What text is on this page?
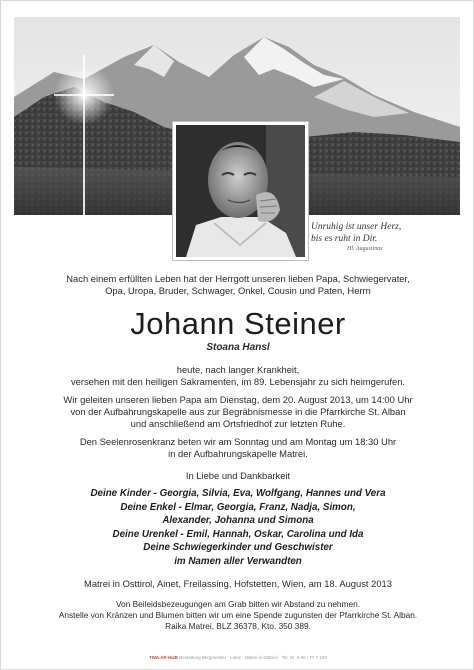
Unruhig ist unser Herz,
bis es ruht in Dir.
Hl. Augustinus

Nach einem erfüllten Leben hat der Herrgott unseren lieben Papa, Schwiegervater,

Opa, Uropa, Bruder, Schwager, Onkel, Cousin und Paten, Herrn

Johann Steiner

Stoana Hansl

heute, nach langer Krankheit,

versehen mit den heiligen Sakramenten, im 89. Lebensjahr zu sich heimgerufen.

Wir geleiten unseren lieben Papa am Dienstag, dem 20. August 2013, um 14:00 Uhr

von der Aufbahrungskapelle aus zur Begräbnismesse in die Pfarrkirche St. Alban

und anschließend am Ortsfriedhof zur letzten Ruhe.

Den Seelenrosenkranz beten wir am Sonntag und am Montag um 18:30 Uhr

in der Aufbahrungskapelle Matrei.

In Liebe und Dankbarkeit

Deine Kinder - Georgia, Silvia, Eva, Wolfgang, Hannes und Vera

Deine Enkel - Elmar, Georgia, Franz, Nadja, Simon,

Alexander, Johanna und Simona

Deine Urenkel - Emil, Hannah, Oskar, Carolina und Ida

Deine Schwiegerkinder und Geschwister

im Namen aller Verwandten

Matrei in Osttirol, Ainet, Freilassing, Hofstetten, Wien, am 18. August 2013

Von Beileidsbezeugungen am Grab bitten wir Abstand zu nehmen.

Anstelle von Kränzen und Blumen bitten wir um eine Spende zugunsten der Pfarrkirche St. Alban.

Raika Matrei, BLZ 36378, Kto. 350 389.

TIWLAR·HUB Bestattung Bergmeister · Lienz · Matrei in Osttirol · Tel. Nr. 0 50 / 77 7 100
